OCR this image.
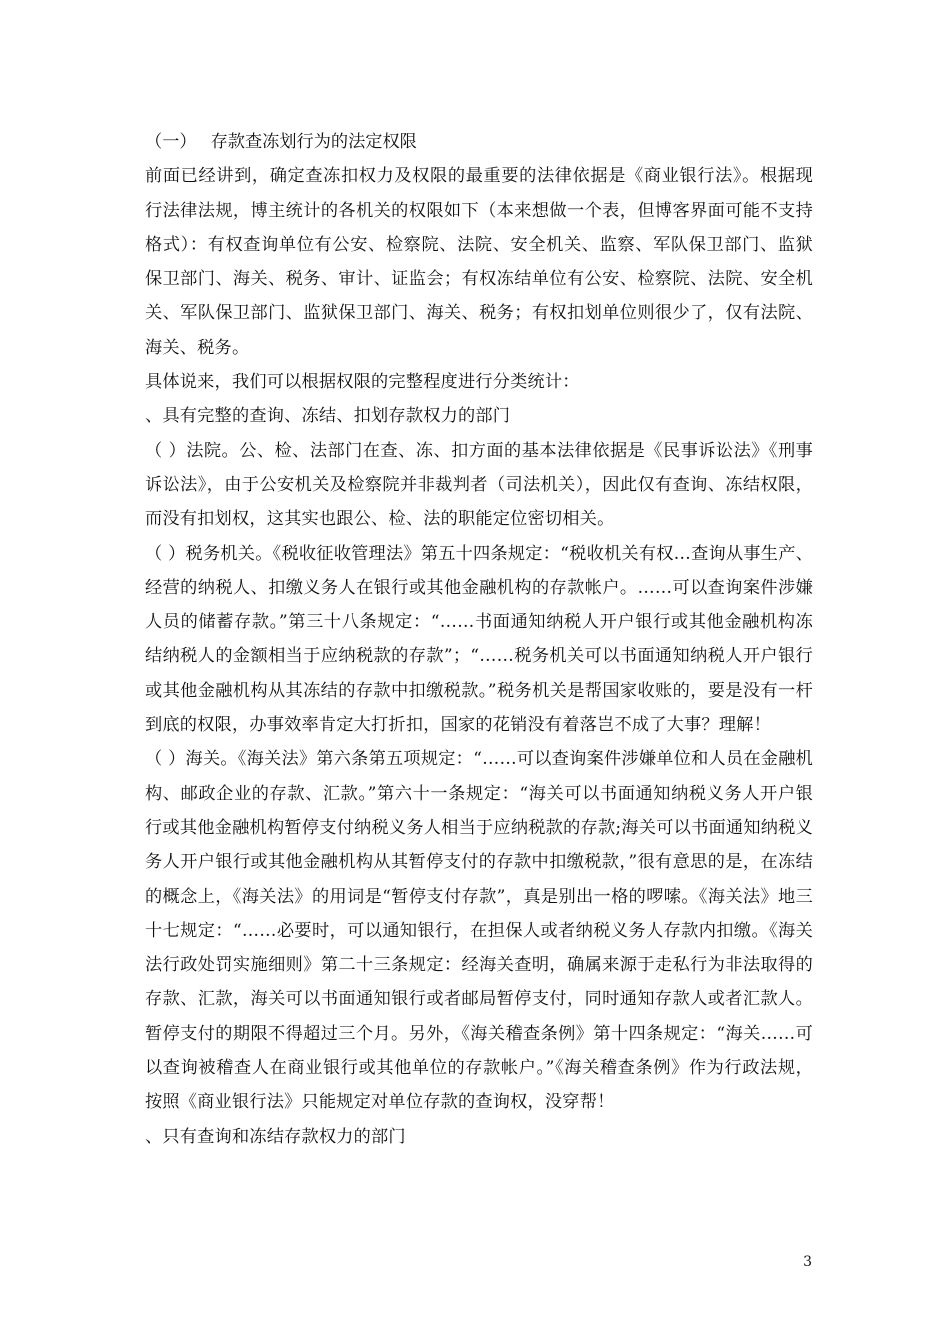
（一） 存款查冻划行为的法定权限

前面已经讲到，确定查冻扣权力及权限的最重要的法律依据是《商业银行法》。根据现行法律法规，博主统计的各机关的权限如下（本来想做一个表，但博客界面可能不支持格式）：有权查询单位有公安、检察院、法院、安全机关、监察、军队保卫部门、监狱保卫部门、海关、税务、审计、证监会；有权冻结单位有公安、检察院、法院、安全机关、军队保卫部门、监狱保卫部门、海关、税务；有权扣划单位则很少了，仅有法院、海关、税务。

具体说来，我们可以根据权限的完整程度进行分类统计：

、具有完整的查询、冻结、扣划存款权力的部门

（ ）法院。公、检、法部门在查、冻、扣方面的基本法律依据是《民事诉讼法》《刑事诉讼法》，由于公安机关及检察院并非裁判者（司法机关），因此仅有查询、冻结权限，而没有扣划权，这其实也跟公、检、法的职能定位密切相关。

（ ）税务机关。《税收征收管理法》第五十四条规定：“税收机关有权…查询从事生产、经营的纳税人、扣缴义务人在银行或其他金融机构的存款帐户。……可以查询案件涉嫌人员的储蓄存款。”第三十八条规定：“……书面通知纳税人开户银行或其他金融机构冻结纳税人的金额相当于应纳税款的存款”；“……税务机关可以书面通知纳税人开户银行或其他金融机构从其冻结的存款中扣缴税款。”税务机关是帮国家收账的，要是没有一杆到底的权限，办事效率肯定大打折扣，国家的花销没有着落岂不成了大事？理解！

（ ）海关。《海关法》第六条第五项规定：“……可以查询案件涉嫌单位和人员在金融机构、邮政企业的存款、汇款。”第六十一条规定：“海关可以书面通知纳税义务人开户银行或其他金融机构暂停支付纳税义务人相当于应纳税款的存款;海关可以书面通知纳税义务人开户银行或其他金融机构从其暂停支付的存款中扣缴税款，”很有意思的是，在冻结的概念上，《海关法》的用词是“暂停支付存款”，真是别出一格的啰嗦。《海关法》地三十七规定：“……必要时，可以通知银行，在担保人或者纳税义务人存款内扣缴。《海关法行政处罚实施细则》第二十三条规定：经海关查明，确属来源于走私行为非法取得的存款、汇款，海关可以书面通知银行或者邮局暂停支付，同时通知存款人或者汇款人。暂停支付的期限不得超过三个月。另外，《海关稽查条例》第十四条规定：“海关……可以查询被稽查人在商业银行或其他单位的存款帐户。”《海关稽查条例》作为行政法规，按照《商业银行法》只能规定对单位存款的查询权，没穿帮！

、只有查询和冻结存款权力的部门

3
